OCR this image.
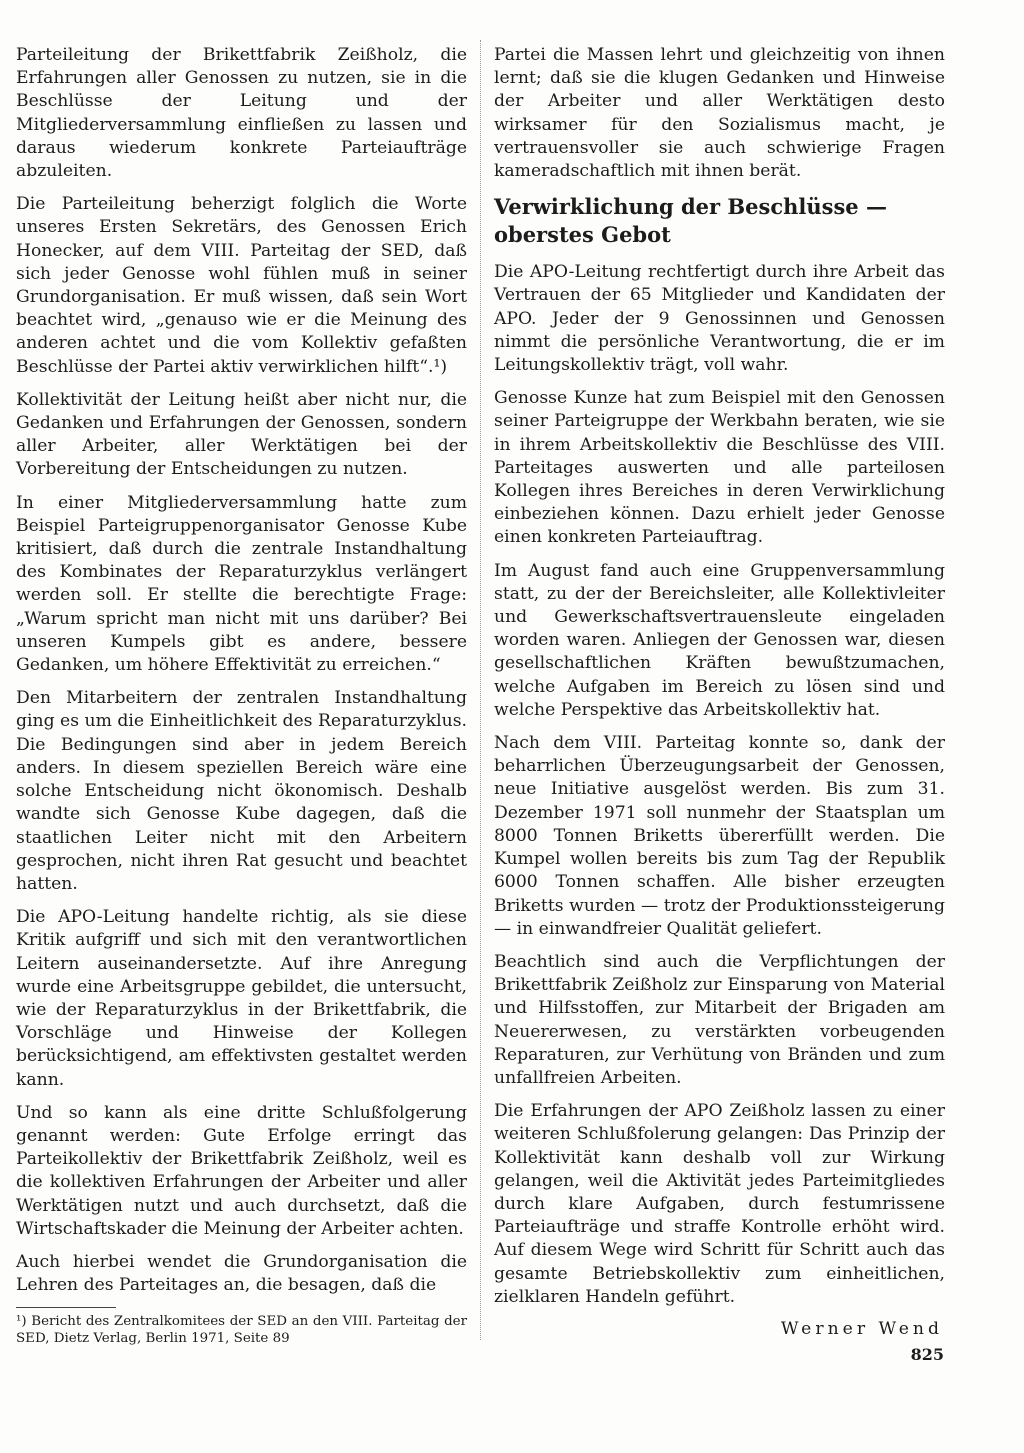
Parteileitung der Brikettfabrik Zeißholz, die Erfahrungen aller Genossen zu nutzen, sie in die Beschlüsse der Leitung und der Mitgliederversammlung einfließen zu lassen und daraus wiederum konkrete Parteiaufträge abzuleiten.

Die Parteileitung beherzigt folglich die Worte unseres Ersten Sekretärs, des Genossen Erich Honecker, auf dem VIII. Parteitag der SED, daß sich jeder Genosse wohl fühlen muß in seiner Grundorganisation. Er muß wissen, daß sein Wort beachtet wird, „genauso wie er die Meinung des anderen achtet und die vom Kollektiv gefaßten Beschlüsse der Partei aktiv verwirklichen hilft“.¹)

Kollektivität der Leitung heißt aber nicht nur, die Gedanken und Erfahrungen der Genossen, sondern aller Arbeiter, aller Werktätigen bei der Vorbereitung der Entscheidungen zu nutzen.

In einer Mitgliederversammlung hatte zum Beispiel Parteigruppenorganisator Genosse Kube kritisiert, daß durch die zentrale Instandhaltung des Kombinates der Reparaturzyklus verlängert werden soll. Er stellte die berechtigte Frage: „Warum spricht man nicht mit uns darüber? Bei unseren Kumpels gibt es andere, bessere Gedanken, um höhere Effektivität zu erreichen.“

Den Mitarbeitern der zentralen Instandhaltung ging es um die Einheitlichkeit des Reparaturzyklus. Die Bedingungen sind aber in jedem Bereich anders. In diesem speziellen Bereich wäre eine solche Entscheidung nicht ökonomisch. Deshalb wandte sich Genosse Kube dagegen, daß die staatlichen Leiter nicht mit den Arbeitern gesprochen, nicht ihren Rat gesucht und beachtet hatten.

Die APO-Leitung handelte richtig, als sie diese Kritik aufgriff und sich mit den verantwortlichen Leitern auseinandersetzte. Auf ihre Anregung wurde eine Arbeitsgruppe gebildet, die untersucht, wie der Reparaturzyklus in der Brikettfabrik, die Vorschläge und Hinweise der Kollegen berücksichtigend, am effektivsten gestaltet werden kann.

Und so kann als eine dritte Schlußfolgerung genannt werden: Gute Erfolge erringt das Parteikollektiv der Brikettfabrik Zeißholz, weil es die kollektiven Erfahrungen der Arbeiter und aller Werktätigen nutzt und auch durchsetzt, daß die Wirtschaftskader die Meinung der Arbeiter achten.

Auch hierbei wendet die Grundorganisation die Lehren des Parteitages an, die besagen, daß die

¹) Bericht des Zentralkomitees der SED an den VIII. Parteitag der SED, Dietz Verlag, Berlin 1971, Seite 89

Partei die Massen lehrt und gleichzeitig von ihnen lernt; daß sie die klugen Gedanken und Hinweise der Arbeiter und aller Werktätigen desto wirksamer für den Sozialismus macht, je vertrauensvoller sie auch schwierige Fragen kameradschaftlich mit ihnen berät.

Verwirklichung der Beschlüsse — oberstes Gebot

Die APO-Leitung rechtfertigt durch ihre Arbeit das Vertrauen der 65 Mitglieder und Kandidaten der APO. Jeder der 9 Genossinnen und Genossen nimmt die persönliche Verantwortung, die er im Leitungskollektiv trägt, voll wahr.

Genosse Kunze hat zum Beispiel mit den Genossen seiner Parteigruppe der Werkbahn beraten, wie sie in ihrem Arbeitskollektiv die Beschlüsse des VIII. Parteitages auswerten und alle parteilosen Kollegen ihres Bereiches in deren Verwirklichung einbeziehen können. Dazu erhielt jeder Genosse einen konkreten Parteiauftrag.

Im August fand auch eine Gruppenversammlung statt, zu der der Bereichsleiter, alle Kollektivleiter und Gewerkschaftsvertrauensleute eingeladen worden waren. Anliegen der Genossen war, diesen gesellschaftlichen Kräften bewußtzumachen, welche Aufgaben im Bereich zu lösen sind und welche Perspektive das Arbeitskollektiv hat.

Nach dem VIII. Parteitag konnte so, dank der beharrlichen Überzeugungsarbeit der Genossen, neue Initiative ausgelöst werden. Bis zum 31. Dezember 1971 soll nunmehr der Staatsplan um 8000 Tonnen Briketts übererfüllt werden. Die Kumpel wollen bereits bis zum Tag der Republik 6000 Tonnen schaffen. Alle bisher erzeugten Briketts wurden — trotz der Produktionssteigerung — in einwandfreier Qualität geliefert.

Beachtlich sind auch die Verpflichtungen der Brikettfabrik Zeißholz zur Einsparung von Material und Hilfsstoffen, zur Mitarbeit der Brigaden am Neuererwesen, zu verstärkten vorbeugenden Reparaturen, zur Verhütung von Bränden und zum unfallfreien Arbeiten.

Die Erfahrungen der APO Zeißholz lassen zu einer weiteren Schlußfolerung gelangen: Das Prinzip der Kollektivität kann deshalb voll zur Wirkung gelangen, weil die Aktivität jedes Parteimitgliedes durch klare Aufgaben, durch festumrissene Parteiaufträge und straffe Kontrolle erhöht wird. Auf diesem Wege wird Schritt für Schritt auch das gesamte Betriebskollektiv zum einheitlichen, zielklaren Handeln geführt.

Werner Wend
825
